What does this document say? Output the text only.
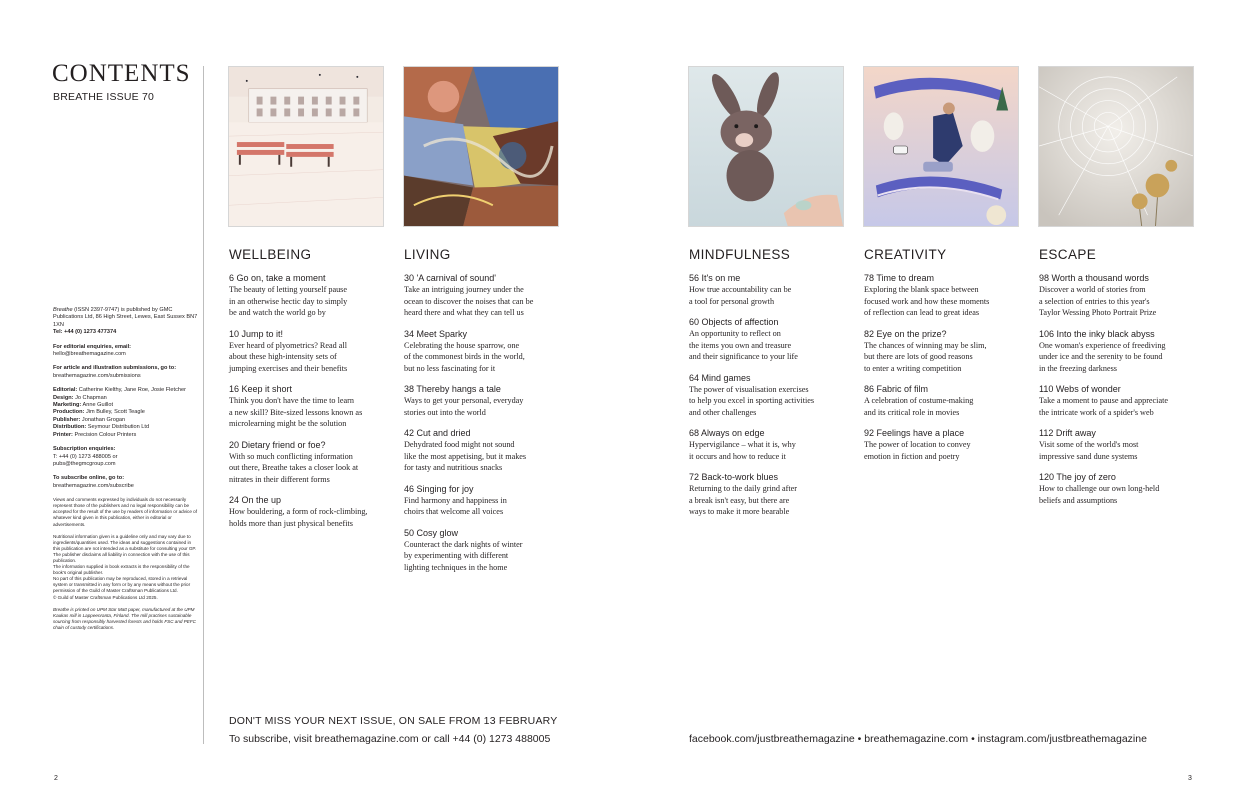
CONTENTS
BREATHE ISSUE 70

Breathe (ISSN 2397-9747) is published by GMC Publications Ltd, 86 High Street, Lewes, East Sussex BN7 1XN
Tel: +44 (0) 1273 477374

For editorial enquiries, email:
hello@breathemagazine.com

For article and illustration submissions, go to:
breathemagazine.com/submissions

Editorial: Catherine Kielthy, Jane Roe, Josie Fletcher
Design: Jo Chapman
Marketing: Anne Guillot
Production: Jim Bulley, Scott Teagle
Publisher: Jonathan Grogan
Distribution: Seymour Distribution Ltd
Printer: Precision Colour Printers

Subscription enquiries:
T: +44 (0) 1273 488005 or
pubs@thegmcgroup.com

To subscribe online, go to:
breathemagazine.com/subscribe

Views and comments expressed by individuals do not necessarily represent those of the publishers and no legal responsibility can be accepted for the result of the use by readers of information or advice of whatever kind given in this publication, either in editorial or advertisements.

Nutritional information given is a guideline only and may vary due to ingredients/quantities used. The ideas and suggestions contained in this publication are not intended as a substitute for consulting your GP. The publisher disclaims all liability in connection with the use of this publication.

The information supplied in book extracts is the responsibility of the book's original publisher.

No part of this publication may be reproduced, stored in a retrieval system or transmitted in any form or by any means without the prior permission of the Guild of Master Craftsman Publications Ltd.

© Guild of Master Craftsman Publications Ltd 2025.

Breathe is printed on UPM Star Matt paper, manufactured at the UPM Kaukas mill in Lappeenranta, Finland. The mill practises sustainable sourcing from responsibly harvested forests and holds FSC and PEFC chain of custody certifications.

WELLBEING
6 Go on, take a moment
The beauty of letting yourself pause
in an otherwise hectic day to simply
be and watch the world go by
10 Jump to it!
Ever heard of plyometrics? Read all
about these high-intensity sets of
jumping exercises and their benefits
16 Keep it short
Think you don't have the time to learn
a new skill? Bite-sized lessons known as
microlearning might be the solution
20 Dietary friend or foe?
With so much conflicting information
out there, Breathe takes a closer look at
nitrates in their different forms
24 On the up
How bouldering, a form of rock-climbing,
holds more than just physical benefits
LIVING
30 'A carnival of sound'
Take an intriguing journey under the
ocean to discover the noises that can be
heard there and what they can tell us
34 Meet Sparky
Celebrating the house sparrow, one
of the commonest birds in the world,
but no less fascinating for it
38 Thereby hangs a tale
Ways to get your personal, everyday
stories out into the world
42 Cut and dried
Dehydrated food might not sound
like the most appetising, but it makes
for tasty and nutritious snacks
46 Singing for joy
Find harmony and happiness in
choirs that welcome all voices
50 Cosy glow
Counteract the dark nights of winter
by experimenting with different
lighting techniques in the home
MINDFULNESS
56 It's on me
How true accountability can be
a tool for personal growth
60 Objects of affection
An opportunity to reflect on
the items you own and treasure
and their significance to your life
64 Mind games
The power of visualisation exercises
to help you excel in sporting activities
and other challenges
68 Always on edge
Hypervigilance – what it is, why
it occurs and how to reduce it
72 Back-to-work blues
Returning to the daily grind after
a break isn't easy, but there are
ways to make it more bearable
CREATIVITY
78 Time to dream
Exploring the blank space between
focused work and how these moments
of reflection can lead to great ideas
82 Eye on the prize?
The chances of winning may be slim,
but there are lots of good reasons
to enter a writing competition
86 Fabric of film
A celebration of costume-making
and its critical role in movies
92 Feelings have a place
The power of location to convey
emotion in fiction and poetry
ESCAPE
98 Worth a thousand words
Discover a world of stories from
a selection of entries to this year's
Taylor Wessing Photo Portrait Prize
106 Into the inky black abyss
One woman's experience of freediving
under ice and the serenity to be found
in the freezing darkness
110 Webs of wonder
Take a moment to pause and appreciate
the intricate work of a spider's web
112 Drift away
Visit some of the world's most
impressive sand dune systems
120 The joy of zero
How to challenge our own long-held
beliefs and assumptions
DON'T MISS YOUR NEXT ISSUE, ON SALE FROM 13 FEBRUARY
To subscribe, visit breathemagazine.com or call +44 (0) 1273 488005	facebook.com/justbreathemagazine • breathemagazine.com • instagram.com/justbreathemagazine
2	3
